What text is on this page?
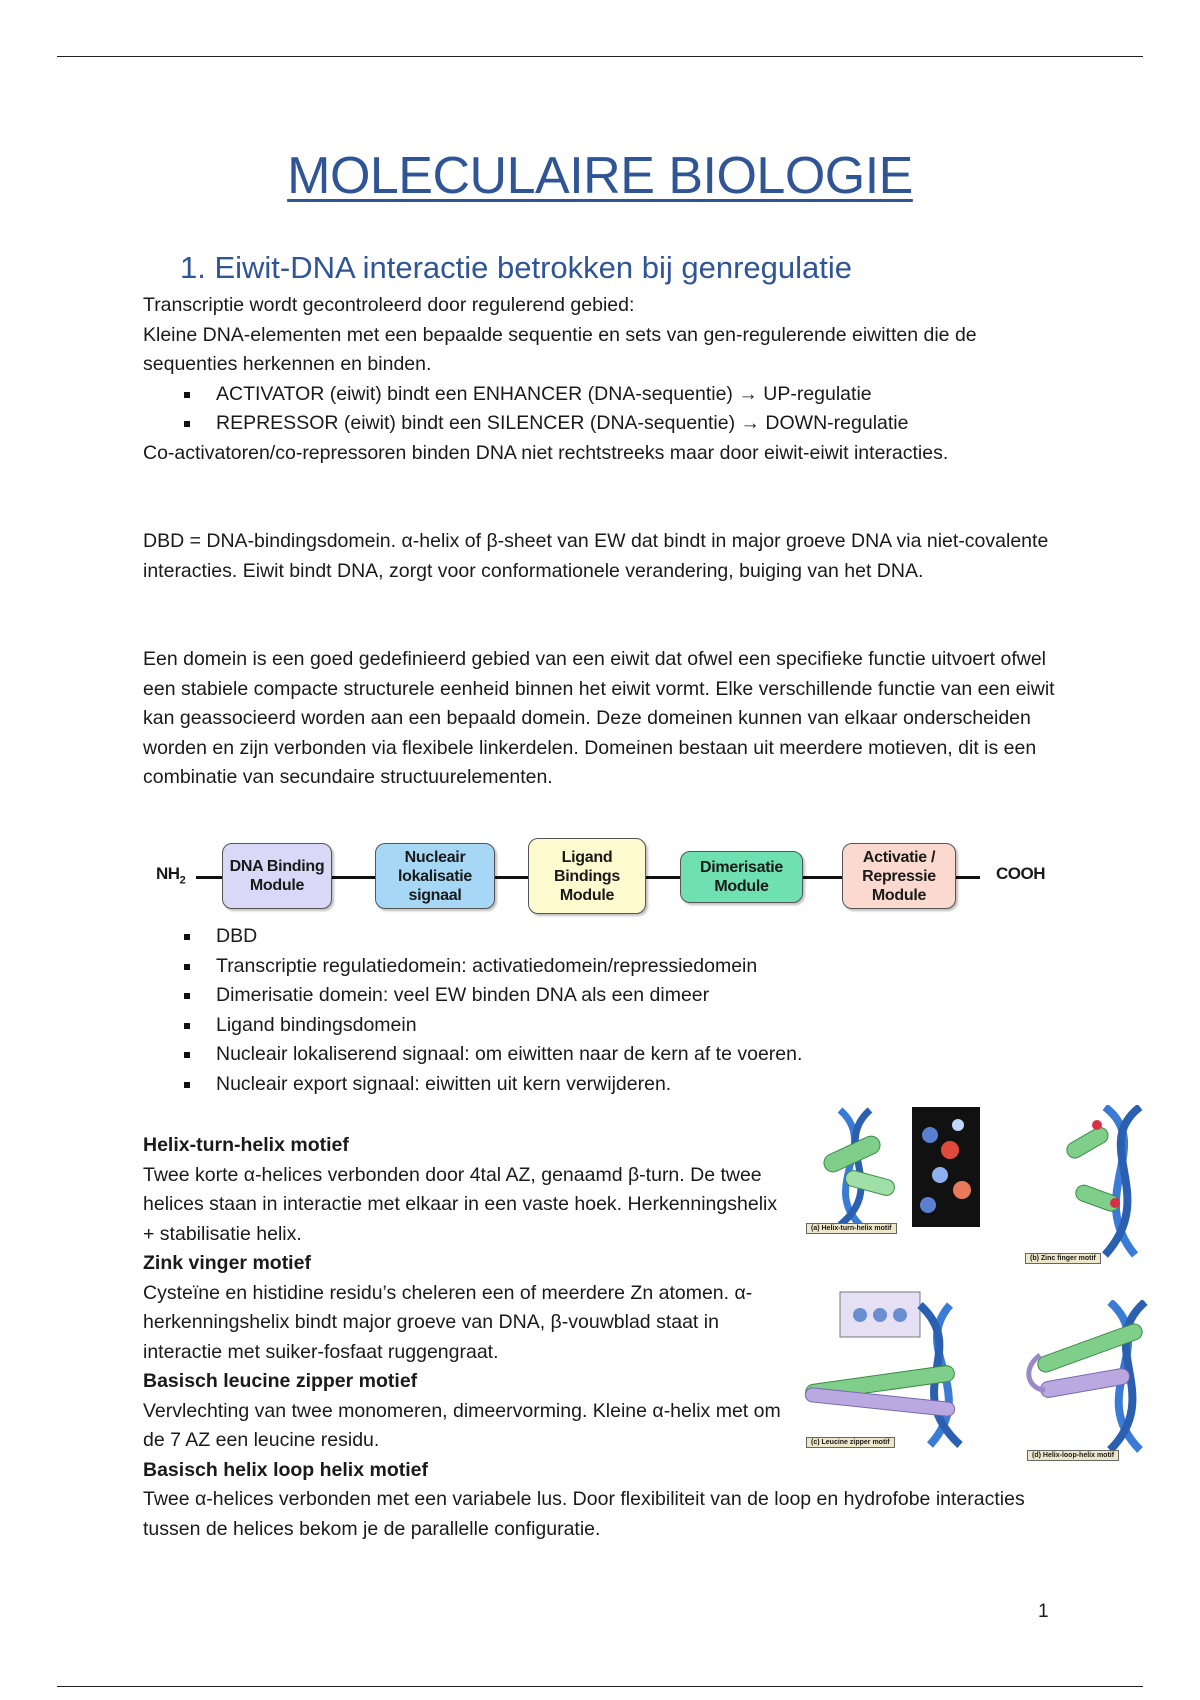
MOLECULAIRE BIOLOGIE
1. Eiwit-DNA interactie betrokken bij genregulatie

Transcriptie wordt gecontroleerd door regulerend gebied:

Kleine DNA-elementen met een bepaalde sequentie en sets van gen-regulerende eiwitten die de sequenties herkennen en binden.

ACTIVATOR (eiwit) bindt een ENHANCER (DNA-sequentie) → UP-regulatie
REPRESSOR (eiwit) bindt een SILENCER (DNA-sequentie) → DOWN-regulatie

Co-activatoren/co-repressoren binden DNA niet rechtstreeks maar door eiwit-eiwit interacties.

DBD = DNA-bindingsdomein. α-helix of β-sheet van EW dat bindt in major groeve DNA via niet-covalente interacties. Eiwit bindt DNA, zorgt voor conformationele verandering, buiging van het DNA.
Een domein is een goed gedefinieerd gebied van een eiwit dat ofwel een specifieke functie uitvoert ofwel een stabiele compacte structurele eenheid binnen het eiwit vormt. Elke verschillende functie van een eiwit kan geassocieerd worden aan een bepaald domein. Deze domeinen kunnen van elkaar onderscheiden worden en zijn verbonden via flexibele linkerdelen. Domeinen bestaan uit meerdere motieven, dit is een combinatie van secundaire structuurelementen.
$NH_2$	COOH
DNA Binding Module
Nucleair lokalisatie signaal
Ligand Bindings Module
Dimerisatie Module
Activatie / Repressie Module
DBD
Transcriptie regulatiedomein: activatiedomein/repressiedomein
Dimerisatie domein: veel EW binden DNA als een dimeer
Ligand bindingsdomein
Nucleair lokaliserend signaal: om eiwitten naar de kern af te voeren.
Nucleair export signaal: eiwitten uit kern verwijderen.

Helix-turn-helix motief

Twee korte α-helices verbonden door 4tal AZ, genaamd β-turn. De twee helices staan in interactie met elkaar in een vaste hoek. Herkenningshelix + stabilisatie helix.

Zink vinger motief

Cysteïne en histidine residu’s cheleren een of meerdere Zn atomen. α-herkenningshelix bindt major groeve van DNA, β-vouwblad staat in interactie met suiker-fosfaat ruggengraat.

Basisch leucine zipper motief

Vervlechting van twee monomeren, dimeervorming. Kleine α-helix met om de 7 AZ een leucine residu.

Basisch helix loop helix motief

Twee α-helices verbonden met een variabele lus. Door flexibiliteit van de loop en hydrofobe interacties tussen de helices bekom je de parallelle configuratie.
(a) Helix-turn-helix motif
(b) Zinc finger motif
(c) Leucine zipper motif
(d) Helix-loop-helix motif
1
